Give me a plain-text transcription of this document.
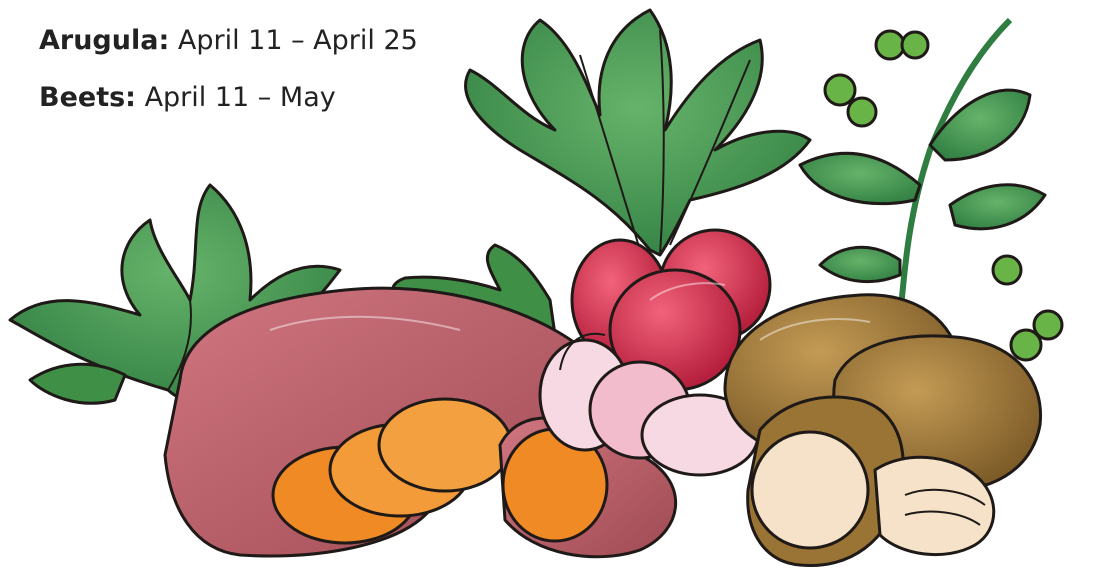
Arugula: April 11 – April 25
Beets: April 11 – May
